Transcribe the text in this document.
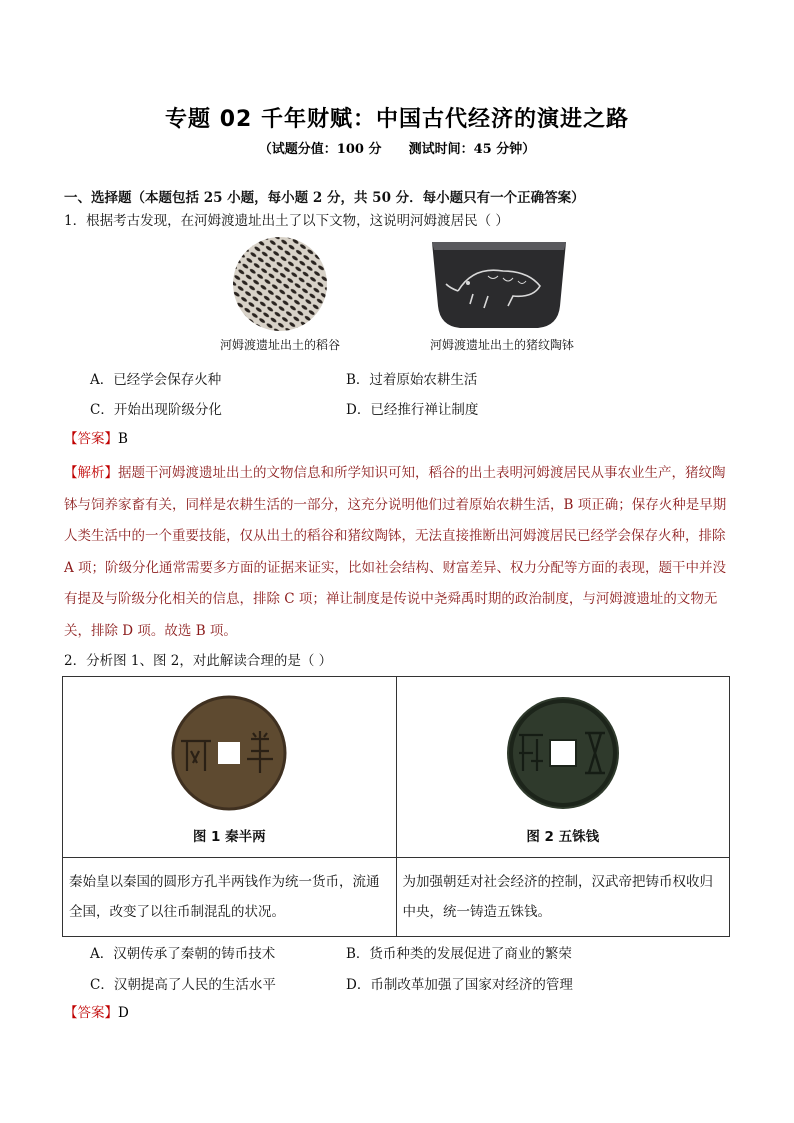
专题 02 千年财赋：中国古代经济的演进之路
（试题分值：100 分      测试时间：45 分钟）
一、选择题（本题包括 25 小题，每小题 2 分，共 50 分．每小题只有一个正确答案）
1．根据考古发现，在河姆渡遗址出土了以下文物，这说明河姆渡居民（ ）
河姆渡遗址出土的稻谷	河姆渡遗址出土的猪纹陶钵
A．已经学会保存火种	B．过着原始农耕生活
C．开始出现阶级分化	D．已经推行禅让制度
【答案】B
【解析】据题干河姆渡遗址出土的文物信息和所学知识可知，稻谷的出土表明河姆渡居民从事农业生产，猪纹陶钵与饲养家畜有关，同样是农耕生活的一部分，这充分说明他们过着原始农耕生活，B 项正确；保存火种是早期人类生活中的一个重要技能，仅从出土的稻谷和猪纹陶钵，无法直接推断出河姆渡居民已经学会保存火种，排除 A 项；阶级分化通常需要多方面的证据来证实，比如社会结构、财富差异、权力分配等方面的表现，题干中并没有提及与阶级分化相关的信息，排除 C 项；禅让制度是传说中尧舜禹时期的政治制度，与河姆渡遗址的文物无关，排除 D 项。故选 B 项。
2．分析图 1、图 2，对此解读合理的是（ ）
图 1 秦半两	图 2 五铢钱

秦始皇以秦国的圆形方孔半两钱作为统一货币，流通全国，改变了以往币制混乱的状况。	为加强朝廷对社会经济的控制，汉武帝把铸币权收归中央，统一铸造五铢钱。
A．汉朝传承了秦朝的铸币技术	B．货币种类的发展促进了商业的繁荣
C．汉朝提高了人民的生活水平	D．币制改革加强了国家对经济的管理
【答案】D
